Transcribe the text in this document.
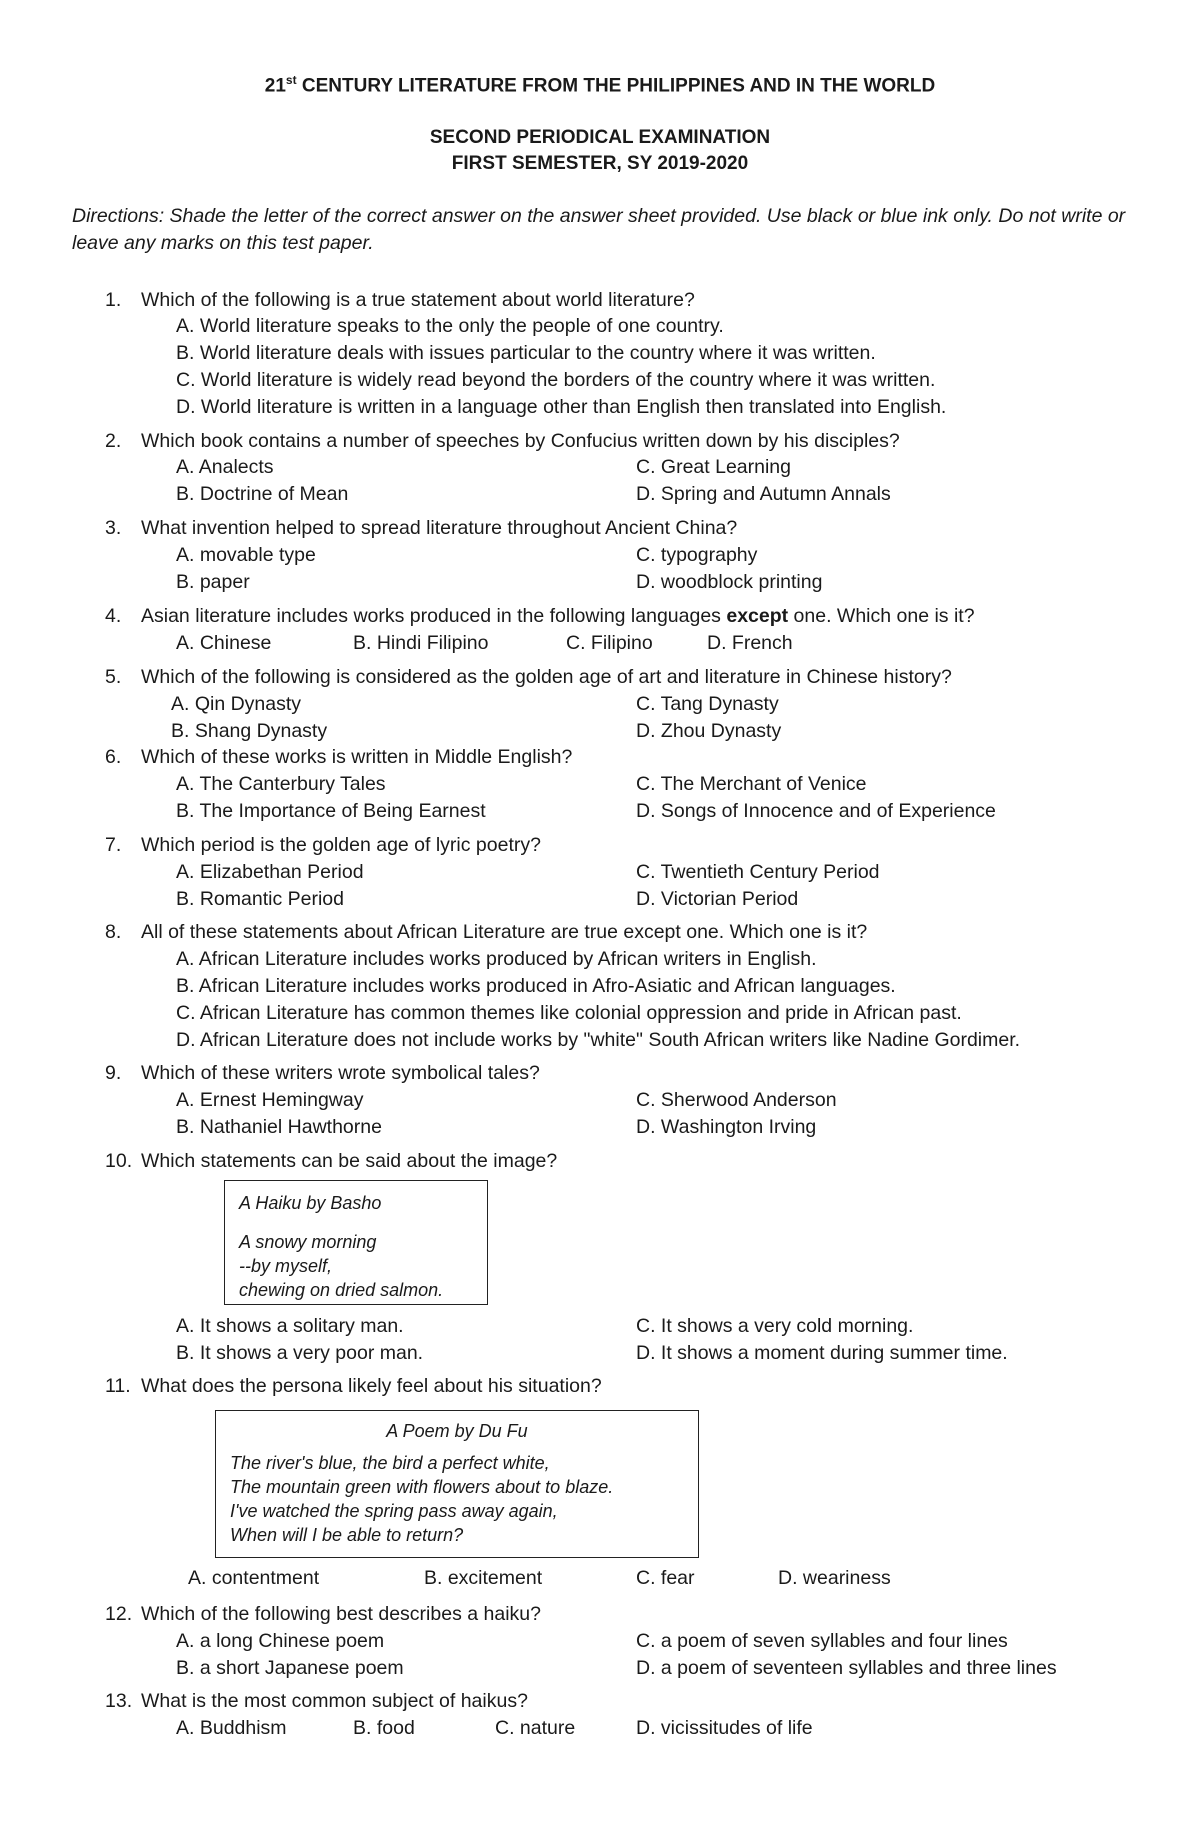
21st CENTURY LITERATURE FROM THE PHILIPPINES AND IN THE WORLD
SECOND PERIODICAL EXAMINATION
FIRST SEMESTER, SY 2019-2020
Directions: Shade the letter of the correct answer on the answer sheet provided. Use black or blue ink only. Do not write or leave any marks on this test paper.
1. Which of the following is a true statement about world literature?
A. World literature speaks to the only the people of one country.
B. World literature deals with issues particular to the country where it was written.
C. World literature is widely read beyond the borders of the country where it was written.
D. World literature is written in a language other than English then translated into English.
2. Which book contains a number of speeches by Confucius written down by his disciples?
A. Analects
B. Doctrine of Mean
C. Great Learning
D. Spring and Autumn Annals
3. What invention helped to spread literature throughout Ancient China?
A. movable type
B. paper
C. typography
D. woodblock printing
4. Asian literature includes works produced in the following languages except one. Which one is it?
A. Chinese	B. Hindi Filipino	C. Filipino	D. French
5. Which of the following is considered as the golden age of art and literature in Chinese history?
A. Qin Dynasty
B. Shang Dynasty
C. Tang Dynasty
D. Zhou Dynasty
6. Which of these works is written in Middle English?
A. The Canterbury Tales
B. The Importance of Being Earnest
C. The Merchant of Venice
D. Songs of Innocence and of Experience
7. Which period is the golden age of lyric poetry?
A. Elizabethan Period
B. Romantic Period
C. Twentieth Century Period
D. Victorian Period
8. All of these statements about African Literature are true except one. Which one is it?
A. African Literature includes works produced by African writers in English.
B. African Literature includes works produced in Afro-Asiatic and African languages.
C. African Literature has common themes like colonial oppression and pride in African past.
D. African Literature does not include works by "white" South African writers like Nadine Gordimer.
9. Which of these writers wrote symbolical tales?
A. Ernest Hemingway
B. Nathaniel Hawthorne
C. Sherwood Anderson
D. Washington Irving
10. Which statements can be said about the image?
A Haiku by Basho
A snowy morning
--by myself,
chewing on dried salmon.
A. It shows a solitary man.
B. It shows a very poor man.
C. It shows a very cold morning.
D. It shows a moment during summer time.
11. What does the persona likely feel about his situation?
A Poem by Du Fu
The river's blue, the bird a perfect white,
The mountain green with flowers about to blaze.
I've watched the spring pass away again,
When will I be able to return?
A. contentment	B. excitement	C. fear	D. weariness
12. Which of the following best describes a haiku?
A. a long Chinese poem
B. a short Japanese poem
C. a poem of seven syllables and four lines
D. a poem of seventeen syllables and three lines
13. What is the most common subject of haikus?
A. Buddhism	B. food	C. nature	D. vicissitudes of life
